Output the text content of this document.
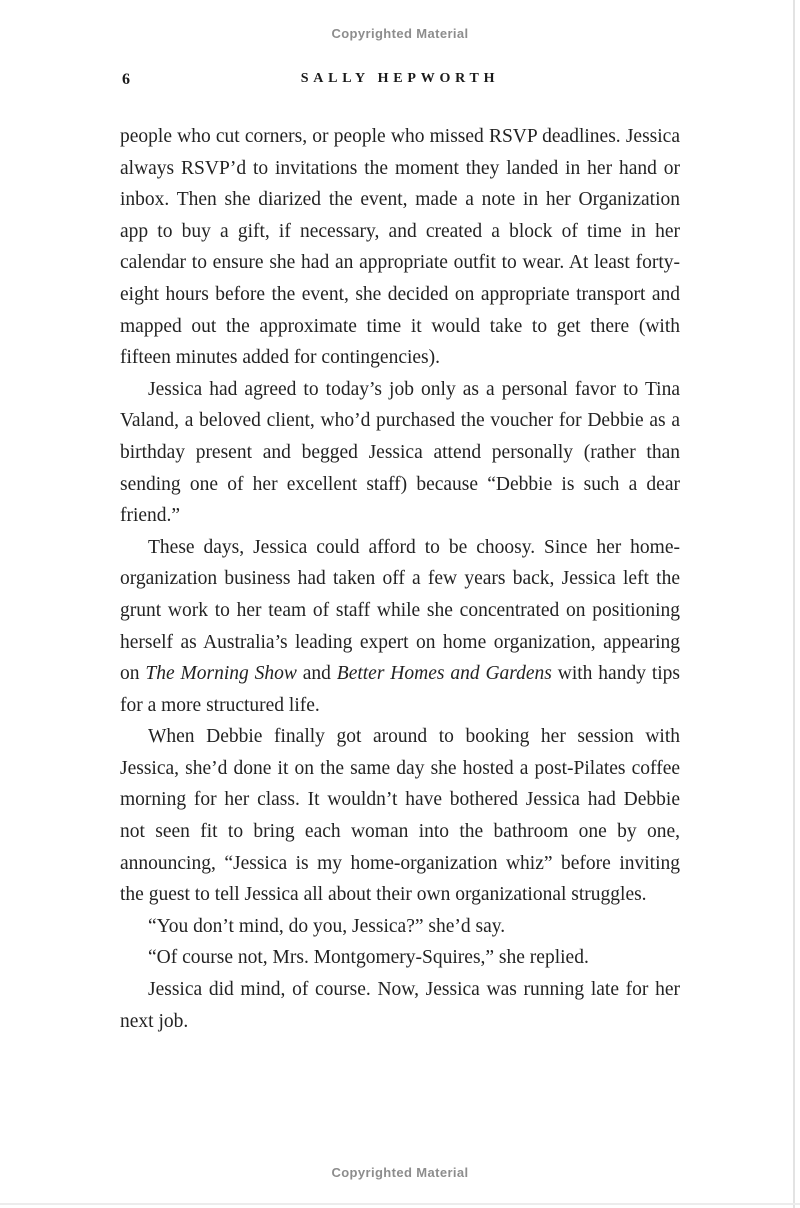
Copyrighted Material
6	SALLY HEPWORTH

people who cut corners, or people who missed RSVP deadlines. Jessica always RSVP’d to invitations the moment they landed in her hand or inbox. Then she diarized the event, made a note in her Organization app to buy a gift, if necessary, and created a block of time in her calendar to ensure she had an appropriate outfit to wear. At least forty-eight hours before the event, she decided on appropriate transport and mapped out the approximate time it would take to get there (with fifteen minutes added for contingencies).

Jessica had agreed to today’s job only as a personal favor to Tina Valand, a beloved client, who’d purchased the voucher for Debbie as a birthday present and begged Jessica attend personally (rather than sending one of her excellent staff) because “Debbie is such a dear friend.”

These days, Jessica could afford to be choosy. Since her home-organization business had taken off a few years back, Jessica left the grunt work to her team of staff while she concentrated on positioning herself as Australia’s leading expert on home organization, appearing on The Morning Show and Better Homes and Gardens with handy tips for a more structured life.

When Debbie finally got around to booking her session with Jessica, she’d done it on the same day she hosted a post-Pilates coffee morning for her class. It wouldn’t have bothered Jessica had Debbie not seen fit to bring each woman into the bathroom one by one, announcing, “Jessica is my home-organization whiz” before inviting the guest to tell Jessica all about their own organizational struggles.

“You don’t mind, do you, Jessica?” she’d say.

“Of course not, Mrs. Montgomery-Squires,” she replied.

Jessica did mind, of course. Now, Jessica was running late for her next job.

Copyrighted Material
